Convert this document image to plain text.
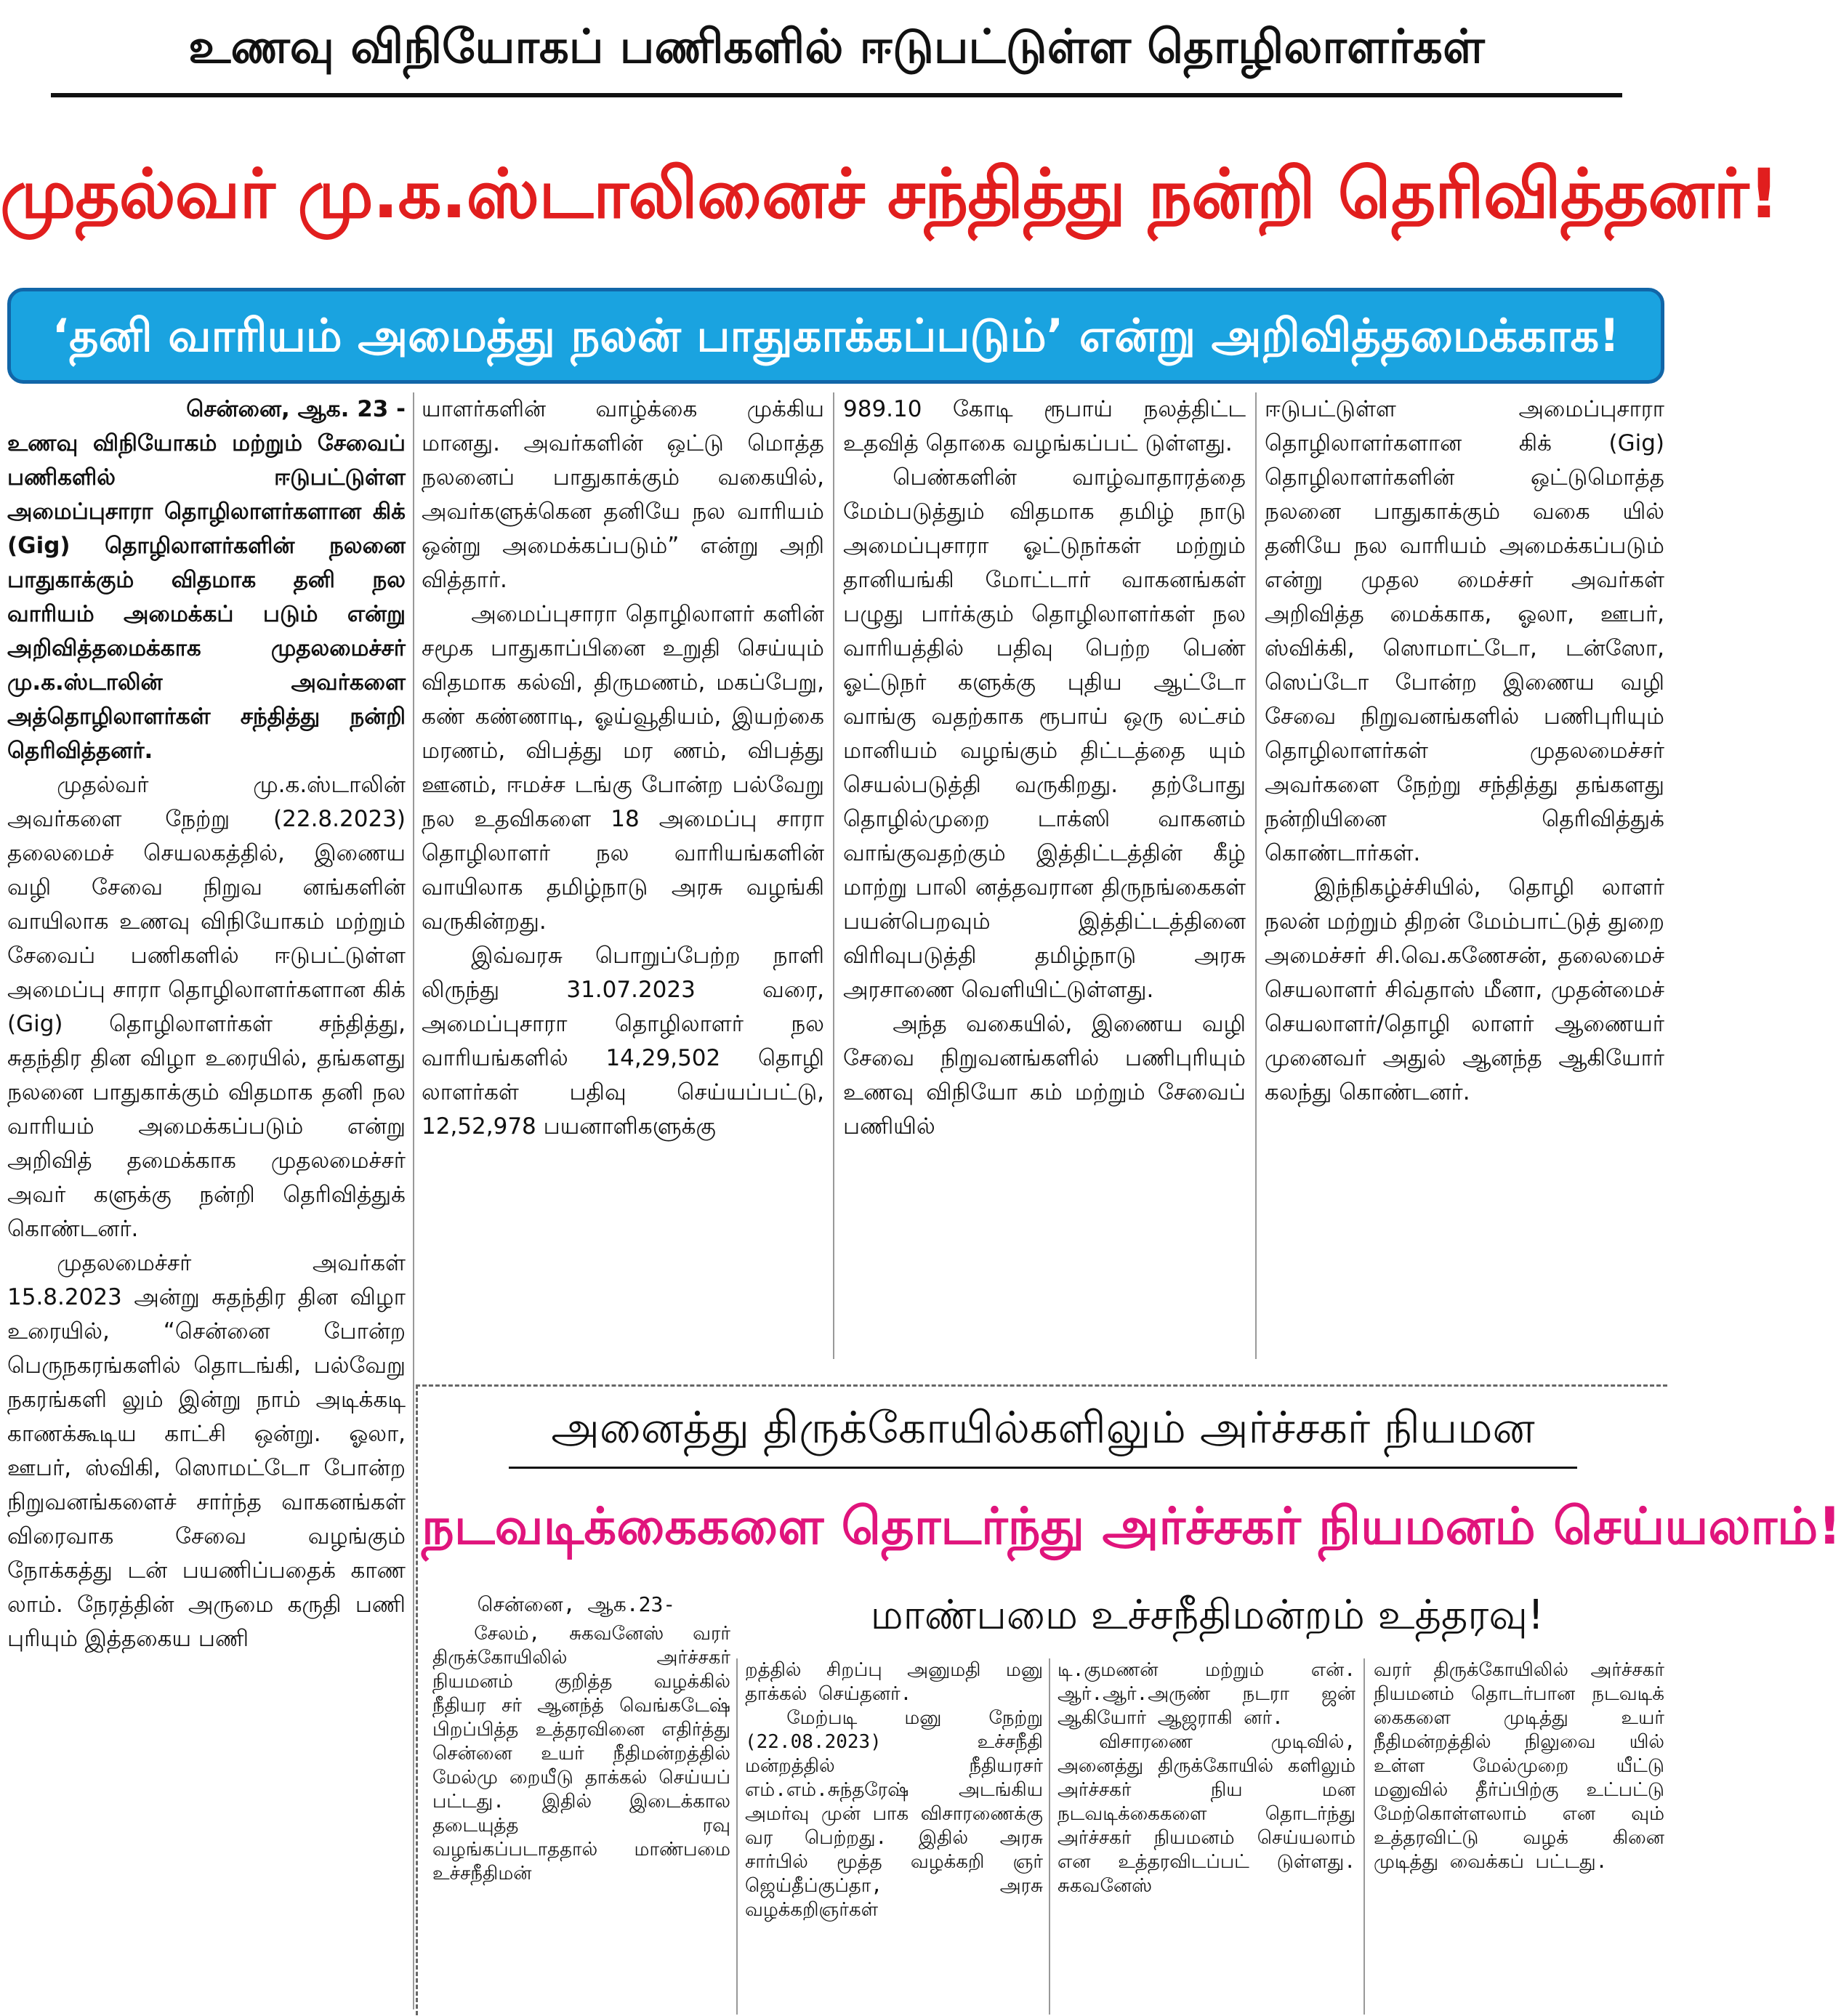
உணவு விநியோகப் பணிகளில் ஈடுபட்டுள்ள தொழிலாளர்கள்
முதல்வர் மு.க.ஸ்டாலினைச் சந்தித்து நன்றி தெரிவித்தனர்!
‘தனி வாரியம் அமைத்து நலன் பாதுகாக்கப்படும்’ என்று அறிவித்தமைக்காக!

சென்னை, ஆக. 23 -

உணவு விநியோகம் மற்றும் சேவைப் பணிகளில் ஈடுபட்டுள்ள அமைப்புசாரா தொழிலாளர்களான கிக் (Gig) தொழிலாளர்களின் நலனை பாதுகாக்கும் விதமாக தனி நல வாரியம் அமைக்கப் படும் என்று அறிவித்தமைக்காக முதலமைச்சர் மு.க.ஸ்டாலின் அவர்களை அத்தொழிலாளர்கள் சந்தித்து நன்றி தெரிவித்தனர்.

முதல்வர் மு.க.ஸ்டாலின் அவர்களை நேற்று (22.8.2023) தலைமைச் செயலகத்தில், இணைய வழி சேவை நிறுவ னங்களின் வாயிலாக உணவு விநியோகம் மற்றும் சேவைப் பணிகளில் ஈடுபட்டுள்ள அமைப்பு சாரா தொழிலாளர்களான கிக் (Gig) தொழிலாளர்கள் சந்தித்து, சுதந்திர தின விழா உரையில், தங்களது நலனை பாதுகாக்கும் விதமாக தனி நல வாரியம் அமைக்கப்படும் என்று அறிவித் தமைக்காக முதலமைச்சர் அவர் களுக்கு நன்றி தெரிவித்துக் கொண்டனர்.

முதலமைச்சர் அவர்கள் 15.8.2023 அன்று சுதந்திர தின விழா உரையில், “சென்னை போன்ற பெருநகரங்களில் தொடங்கி, பல்வேறு நகரங்களி லும் இன்று நாம் அடிக்கடி காணக்கூடிய காட்சி ஒன்று. ஓலா, ஊபர், ஸ்விகி, ஸொமட்டோ போன்ற நிறுவனங்களைச் சார்ந்த வாகனங்கள் விரைவாக சேவை வழங்கும் நோக்கத்து டன் பயணிப்பதைக் காண லாம். நேரத்தின் அருமை கருதி பணி புரியும் இத்தகைய பணி

யாளர்களின் வாழ்க்கை முக்கிய மானது. அவர்களின் ஒட்டு மொத்த நலனைப் பாதுகாக்கும் வகையில், அவர்களுக்கென தனியே நல வாரியம் ஒன்று அமைக்கப்படும்” என்று அறி வித்தார்.

அமைப்புசாரா தொழிலாளர் களின் சமூக பாதுகாப்பினை உறுதி செய்யும் விதமாக கல்வி, திருமணம், மகப்பேறு, கண் கண்ணாடி, ஓய்வூதியம், இயற்கை மரணம், விபத்து மர ணம், விபத்து ஊனம், ஈமச்ச டங்கு போன்ற பல்வேறு நல உதவிகளை 18 அமைப்பு சாரா தொழிலாளர் நல வாரியங்களின் வாயிலாக தமிழ்நாடு அரசு வழங்கி வருகின்றது.

இவ்வரசு பொறுப்பேற்ற நாளி லிருந்து 31.07.2023 வரை, அமைப்புசாரா தொழிலாளர் நல வாரியங்களில் 14,29,502 தொழி லாளர்கள் பதிவு செய்யப்பட்டு, 12,52,978 பயனாளிகளுக்கு

989.10 கோடி ரூபாய் நலத்திட்ட உதவித் தொகை வழங்கப்பட் டுள்ளது.

பெண்களின் வாழ்வாதாரத்தை மேம்படுத்தும் விதமாக தமிழ் நாடு அமைப்புசாரா ஓட்டுநர்கள் மற்றும் தானியங்கி மோட்டார் வாகனங்கள் பழுது பார்க்கும் தொழிலாளர்கள் நல வாரியத்தில் பதிவு பெற்ற பெண் ஓட்டுநர் களுக்கு புதிய ஆட்டோ வாங்கு வதற்காக ரூபாய் ஒரு லட்சம் மானியம் வழங்கும் திட்டத்தை யும் செயல்படுத்தி வருகிறது. தற்போது தொழில்முறை டாக்ஸி வாகனம் வாங்குவதற்கும் இத்திட்டத்தின் கீழ் மாற்று பாலி னத்தவரான திருநங்கைகள் பயன்பெறவும் இத்திட்டத்தினை விரிவுபடுத்தி தமிழ்நாடு அரசு அரசாணை வெளியிட்டுள்ளது.

அந்த வகையில், இணைய வழி சேவை நிறுவனங்களில் பணிபுரியும் உணவு விநியோ கம் மற்றும் சேவைப் பணியில்

ஈடுபட்டுள்ள அமைப்புசாரா தொழிலாளர்களான கிக் (Gig) தொழிலாளர்களின் ஒட்டுமொத்த நலனை பாதுகாக்கும் வகை யில் தனியே நல வாரியம் அமைக்கப்படும் என்று முதல மைச்சர் அவர்கள் அறிவித்த மைக்காக, ஓலா, ஊபர், ஸ்விக்கி, ஸொமாட்டோ, டன்ஸோ, ஸெப்டோ போன்ற இணைய வழி சேவை நிறுவனங்களில் பணிபுரியும் தொழிலாளர்கள் முதலமைச்சர் அவர்களை நேற்று சந்தித்து தங்களது நன்றியினை தெரிவித்துக் கொண்டார்கள்.

இந்நிகழ்ச்சியில், தொழி லாளர் நலன் மற்றும் திறன் மேம்பாட்டுத் துறை அமைச்சர் சி.வெ.கணேசன், தலைமைச் செயலாளர் சிவ்தாஸ் மீனா, முதன்மைச் செயலாளர்/தொழி லாளர் ஆணையர் முனைவர் அதுல் ஆனந்த ஆகியோர் கலந்து கொண்டனர்.

அனைத்து திருக்கோயில்களிலும் அர்ச்சகர் நியமன
நடவடிக்கைகளை தொடர்ந்து அர்ச்சகர் நியமனம் செய்யலாம்!
சென்னை, ஆக.23-	மாண்பமை உச்சநீதிமன்றம் உத்தரவு!

சேலம், சுகவனேஸ் வரர் திருக்கோயிலில் அர்ச்சகர் நியமனம் குறித்த வழக்கில் நீதியர சர் ஆனந்த் வெங்கடேஷ் பிறப்பித்த உத்தரவினை எதிர்த்து சென்னை உயர் நீதிமன்றத்தில் மேல்மு றையீடு தாக்கல் செய்யப் பட்டது. இதில் இடைக்கால தடையுத்த ரவு வழங்கப்படாததால் மாண்பமை உச்சநீதிமன்

றத்தில் சிறப்பு அனுமதி மனு தாக்கல் செய்தனர்.

மேற்படி மனு நேற்று (22.08.2023) உச்சநீதி மன்றத்தில் நீதியரசர் எம்.எம்.சுந்தரேஷ் அடங்கிய அமர்வு முன் பாக விசாரணைக்கு வர பெற்றது. இதில் அரசு சார்பில் மூத்த வழக்கறி ஞர் ஜெய்தீப்குப்தா, அரசு வழக்கறிஞர்கள்

டி.குமணன் மற்றும் என். ஆர்.ஆர்.அருண் நடரா ஜன் ஆகியோர் ஆஜராகி னர்.

விசாரணை முடிவில், அனைத்து திருக்கோயில் களிலும் அர்ச்சகர் நிய மன நடவடிக்கைகளை தொடர்ந்து அர்ச்சகர் நியமனம் செய்யலாம் என உத்தரவிடப்பட் டுள்ளது. சுகவனேஸ்

வரர் திருக்கோயிலில் அர்ச்சகர் நியமனம் தொடர்பான நடவடிக் கைகளை முடித்து உயர் நீதிமன்றத்தில் நிலுவை யில் உள்ள மேல்முறை யீட்டு மனுவில் தீர்ப்பிற்கு உட்பட்டு மேற்கொள்ளலாம் என வும் உத்தரவிட்டு வழக் கினை முடித்து வைக்கப் பட்டது.
